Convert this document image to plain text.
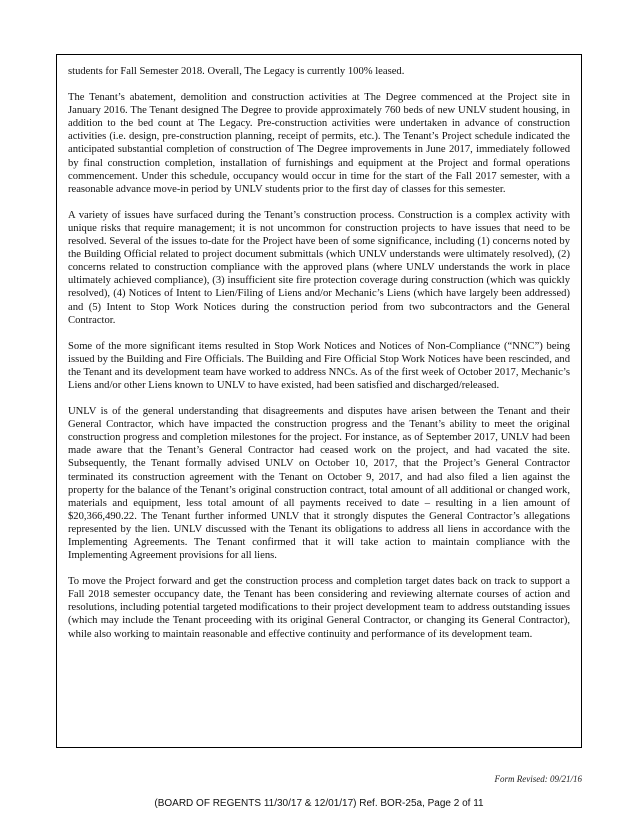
students for Fall Semester 2018. Overall, The Legacy is currently 100% leased.

The Tenant’s abatement, demolition and construction activities at The Degree commenced at the Project site in January 2016. The Tenant designed The Degree to provide approximately 760 beds of new UNLV student housing, in addition to the bed count at The Legacy. Pre-construction activities were undertaken in advance of construction activities (i.e. design, pre-construction planning, receipt of permits, etc.). The Tenant’s Project schedule indicated the anticipated substantial completion of construction of The Degree improvements in June 2017, immediately followed by final construction completion, installation of furnishings and equipment at the Project and formal operations commencement. Under this schedule, occupancy would occur in time for the start of the Fall 2017 semester, with a reasonable advance move-in period by UNLV students prior to the first day of classes for this semester.

A variety of issues have surfaced during the Tenant’s construction process. Construction is a complex activity with unique risks that require management; it is not uncommon for construction projects to have issues that need to be resolved. Several of the issues to-date for the Project have been of some significance, including (1) concerns noted by the Building Official related to project document submittals (which UNLV understands were ultimately resolved), (2) concerns related to construction compliance with the approved plans (where UNLV understands the work in place ultimately achieved compliance), (3) insufficient site fire protection coverage during construction (which was quickly resolved), (4) Notices of Intent to Lien/Filing of Liens and/or Mechanic’s Liens (which have largely been addressed) and (5) Intent to Stop Work Notices during the construction period from two subcontractors and the General Contractor.

Some of the more significant items resulted in Stop Work Notices and Notices of Non-Compliance (“NNC”) being issued by the Building and Fire Officials. The Building and Fire Official Stop Work Notices have been rescinded, and the Tenant and its development team have worked to address NNCs. As of the first week of October 2017, Mechanic’s Liens and/or other Liens known to UNLV to have existed, had been satisfied and discharged/released.

UNLV is of the general understanding that disagreements and disputes have arisen between the Tenant and their General Contractor, which have impacted the construction progress and the Tenant’s ability to meet the original construction progress and completion milestones for the project. For instance, as of September 2017, UNLV had been made aware that the Tenant’s General Contractor had ceased work on the project, and had vacated the site. Subsequently, the Tenant formally advised UNLV on October 10, 2017, that the Project’s General Contractor terminated its construction agreement with the Tenant on October 9, 2017, and had also filed a lien against the property for the balance of the Tenant’s original construction contract, total amount of all additional or changed work, materials and equipment, less total amount of all payments received to date – resulting in a lien amount of $20,366,490.22. The Tenant further informed UNLV that it strongly disputes the General Contractor’s allegations represented by the lien. UNLV discussed with the Tenant its obligations to address all liens in accordance with the Implementing Agreements. The Tenant confirmed that it will take action to maintain compliance with the Implementing Agreement provisions for all liens.

To move the Project forward and get the construction process and completion target dates back on track to support a Fall 2018 semester occupancy date, the Tenant has been considering and reviewing alternate courses of action and resolutions, including potential targeted modifications to their project development team to address outstanding issues (which may include the Tenant proceeding with its original General Contractor, or changing its General Contractor), while also working to maintain reasonable and effective continuity and performance of its development team.

Form Revised: 09/21/16
(BOARD OF REGENTS 11/30/17 & 12/01/17) Ref. BOR-25a, Page 2 of 11
